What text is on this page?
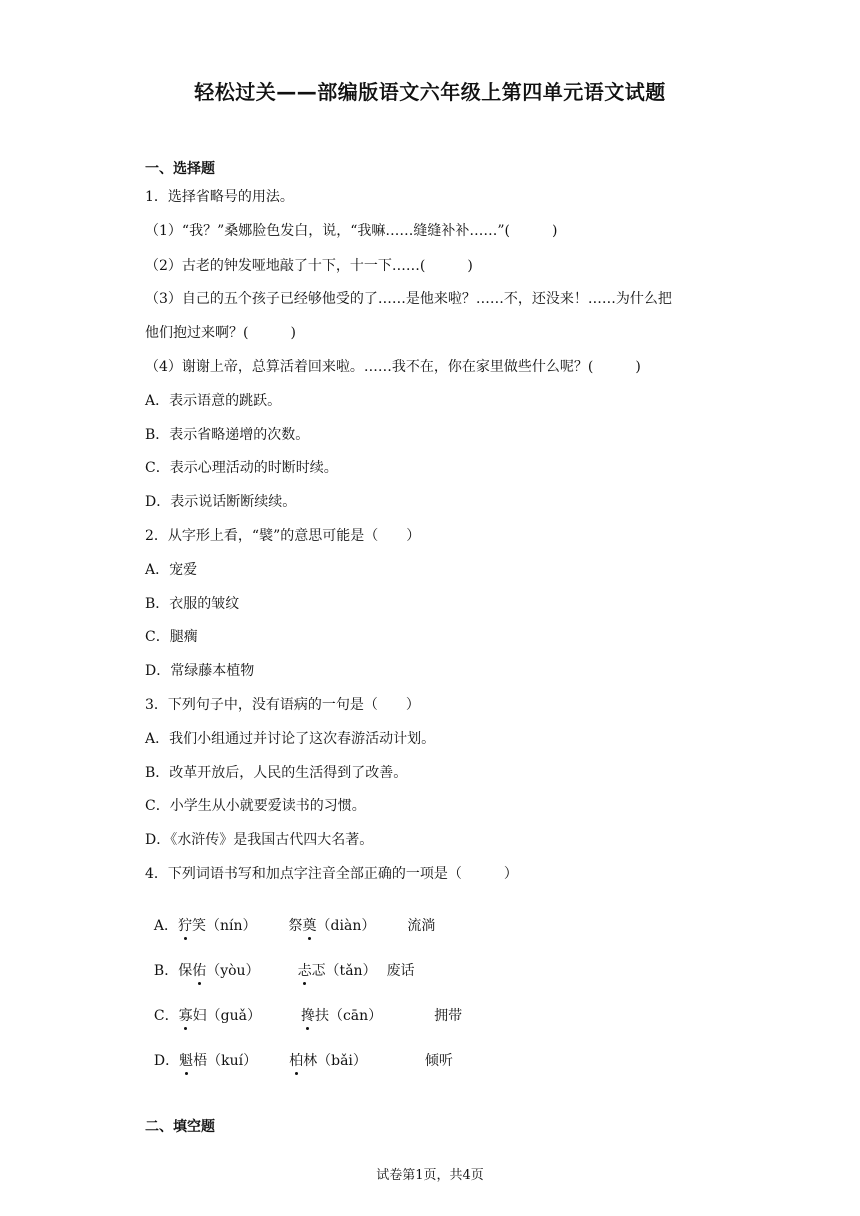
轻松过关——部编版语文六年级上第四单元语文试题
一、选择题
1．选择省略号的用法。
（1）“我？”桑娜脸色发白，说，“我嘛……缝缝补补……”(　　　)
（2）古老的钟发哑地敲了十下，十一下……(　　　)
（3）自己的五个孩子已经够他受的了……是他来啦？……不，还没来！……为什么把
他们抱过来啊？(　　　)
（4）谢谢上帝，总算活着回来啦。……我不在，你在家里做些什么呢？(　　　)
A．表示语意的跳跃。
B．表示省略递增的次数。
C．表示心理活动的时断时续。
D．表示说话断断续续。
2．从字形上看，“襞”的意思可能是（　　）
A．宠爱
B．衣服的皱纹
C．腿瘸
D．常绿藤本植物
3．下列句子中，没有语病的一句是（　　）
A．我们小组通过并讨论了这次春游活动计划。
B．改革开放后，人民的生活得到了改善。
C．小学生从小就要爱读书的习惯。
D．《水浒传》是我国古代四大名著。
4．下列词语书写和加点字注音全部正确的一项是（　　　）

A．狞笑（nín） 祭奠（diàn） 流淌

B．保佑（yòu）	忐忑（tǎn） 废话

C．寡妇（guǎ）	搀扶（cān）	拥带

D．魁梧（kuí） 柏林（bǎi）	倾听

二、填空题
试卷第1页，共4页
